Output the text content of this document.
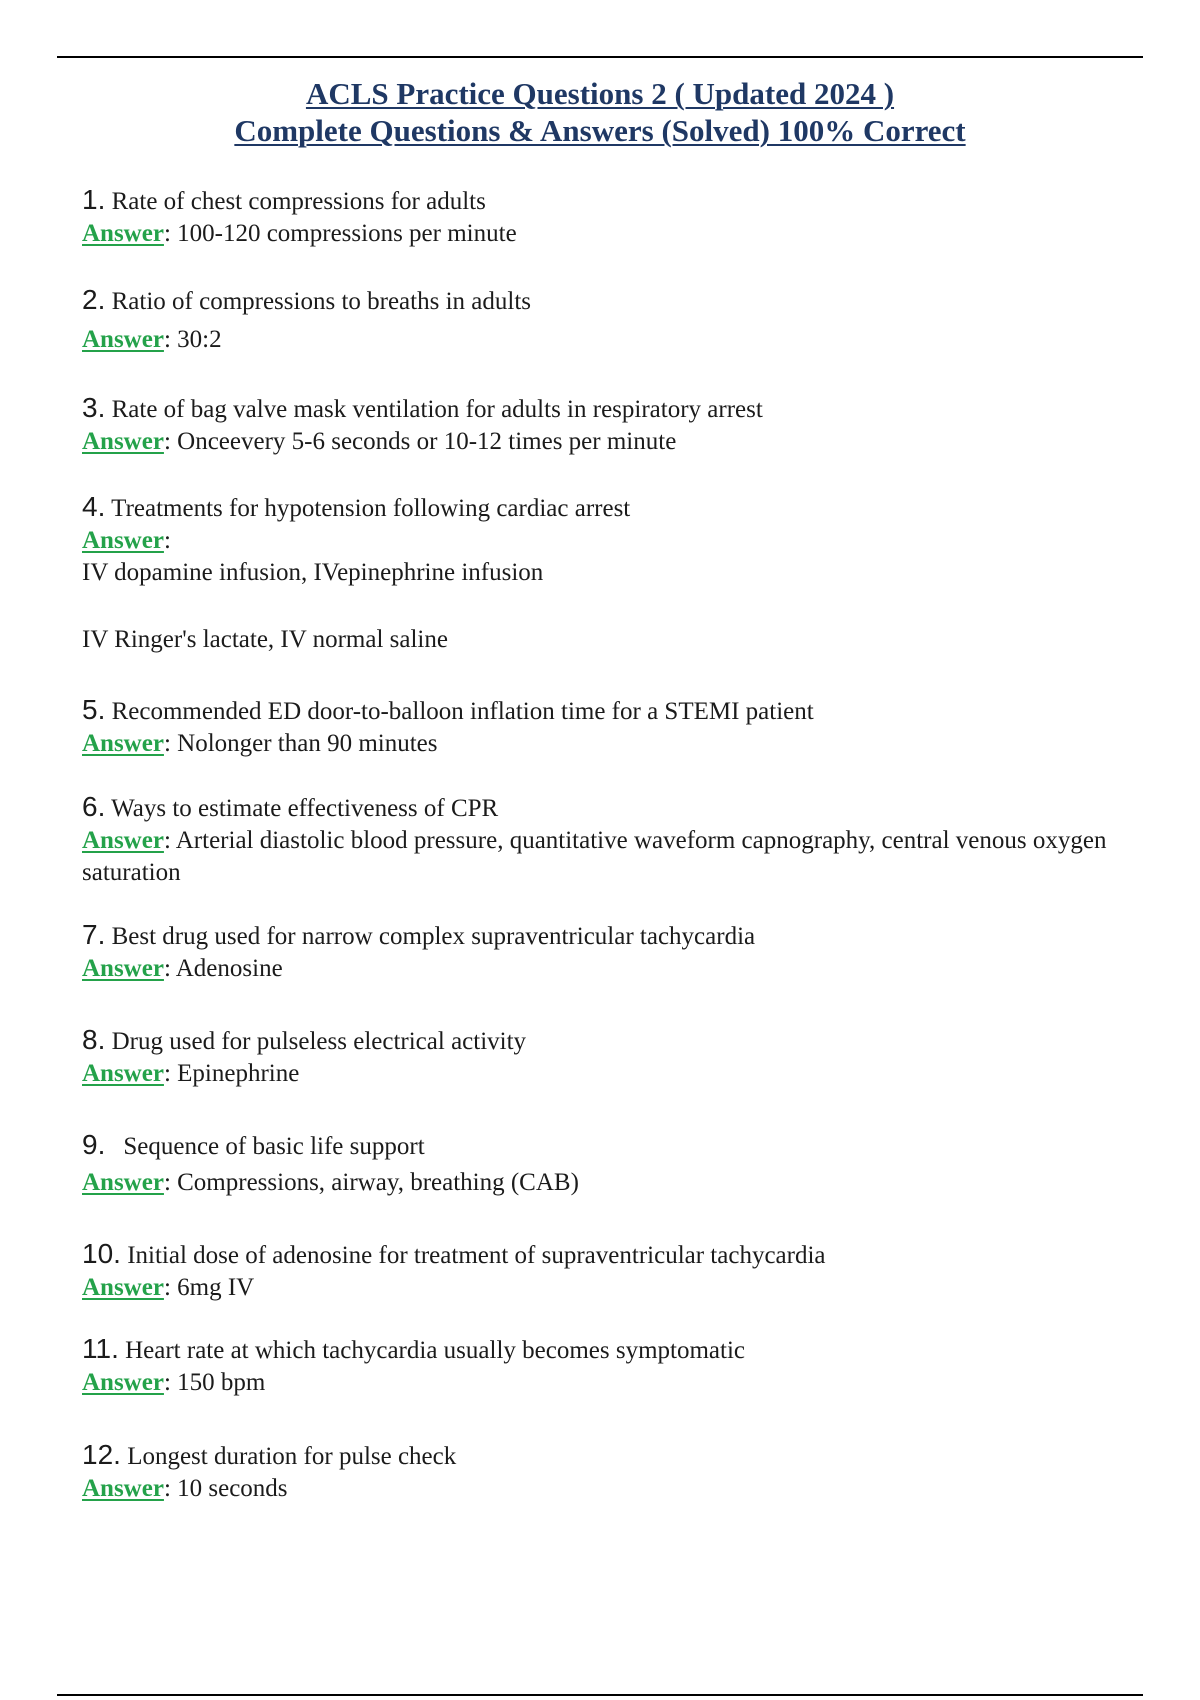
ACLS Practice Questions 2 ( Updated 2024 )
Complete Questions & Answers (Solved) 100% Correct
1. Rate of chest compressions for adults
Answer: 100-120 compressions per minute
2. Ratio of compressions to breaths in adults
Answer: 30:2
3. Rate of bag valve mask ventilation for adults in respiratory arrest
Answer: Onceevery 5-6 seconds or 10-12 times per minute
4. Treatments for hypotension following cardiac arrest
Answer:
IV dopamine infusion, IVepinephrine infusion
IV Ringer's lactate, IV normal saline
5. Recommended ED door-to-balloon inflation time for a STEMI patient
Answer: Nolonger than 90 minutes
6. Ways to estimate effectiveness of CPR
Answer: Arterial diastolic blood pressure, quantitative waveform capnography, central venous oxygen saturation
7. Best drug used for narrow complex supraventricular tachycardia
Answer: Adenosine
8. Drug used for pulseless electrical activity
Answer: Epinephrine
9. Sequence of basic life support
Answer: Compressions, airway, breathing (CAB)
10. Initial dose of adenosine for treatment of supraventricular tachycardia
Answer: 6mg IV
11. Heart rate at which tachycardia usually becomes symptomatic
Answer: 150 bpm
12. Longest duration for pulse check
Answer: 10 seconds
